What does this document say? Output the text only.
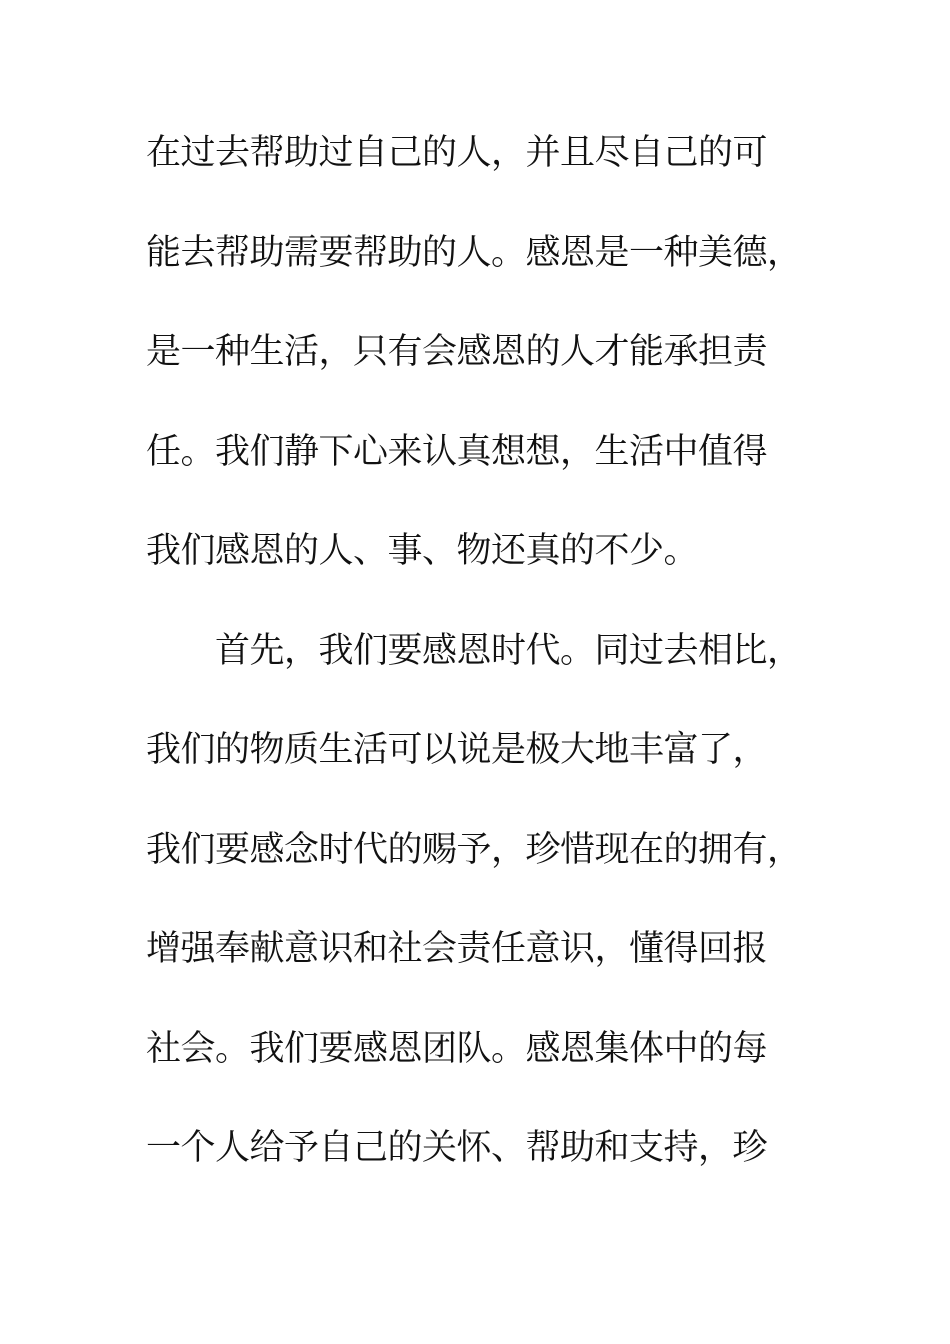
在过去帮助过自己的人，并且尽自己的可
能去帮助需要帮助的人。感恩是一种美德，
是一种生活，只有会感恩的人才能承担责
任。我们静下心来认真想想，生活中值得
我们感恩的人、事、物还真的不少。
　　首先，我们要感恩时代。同过去相比，
我们的物质生活可以说是极大地丰富了，
我们要感念时代的赐予，珍惜现在的拥有，
增强奉献意识和社会责任意识，懂得回报
社会。我们要感恩团队。感恩集体中的每
一个人给予自己的关怀、帮助和支持，珍
